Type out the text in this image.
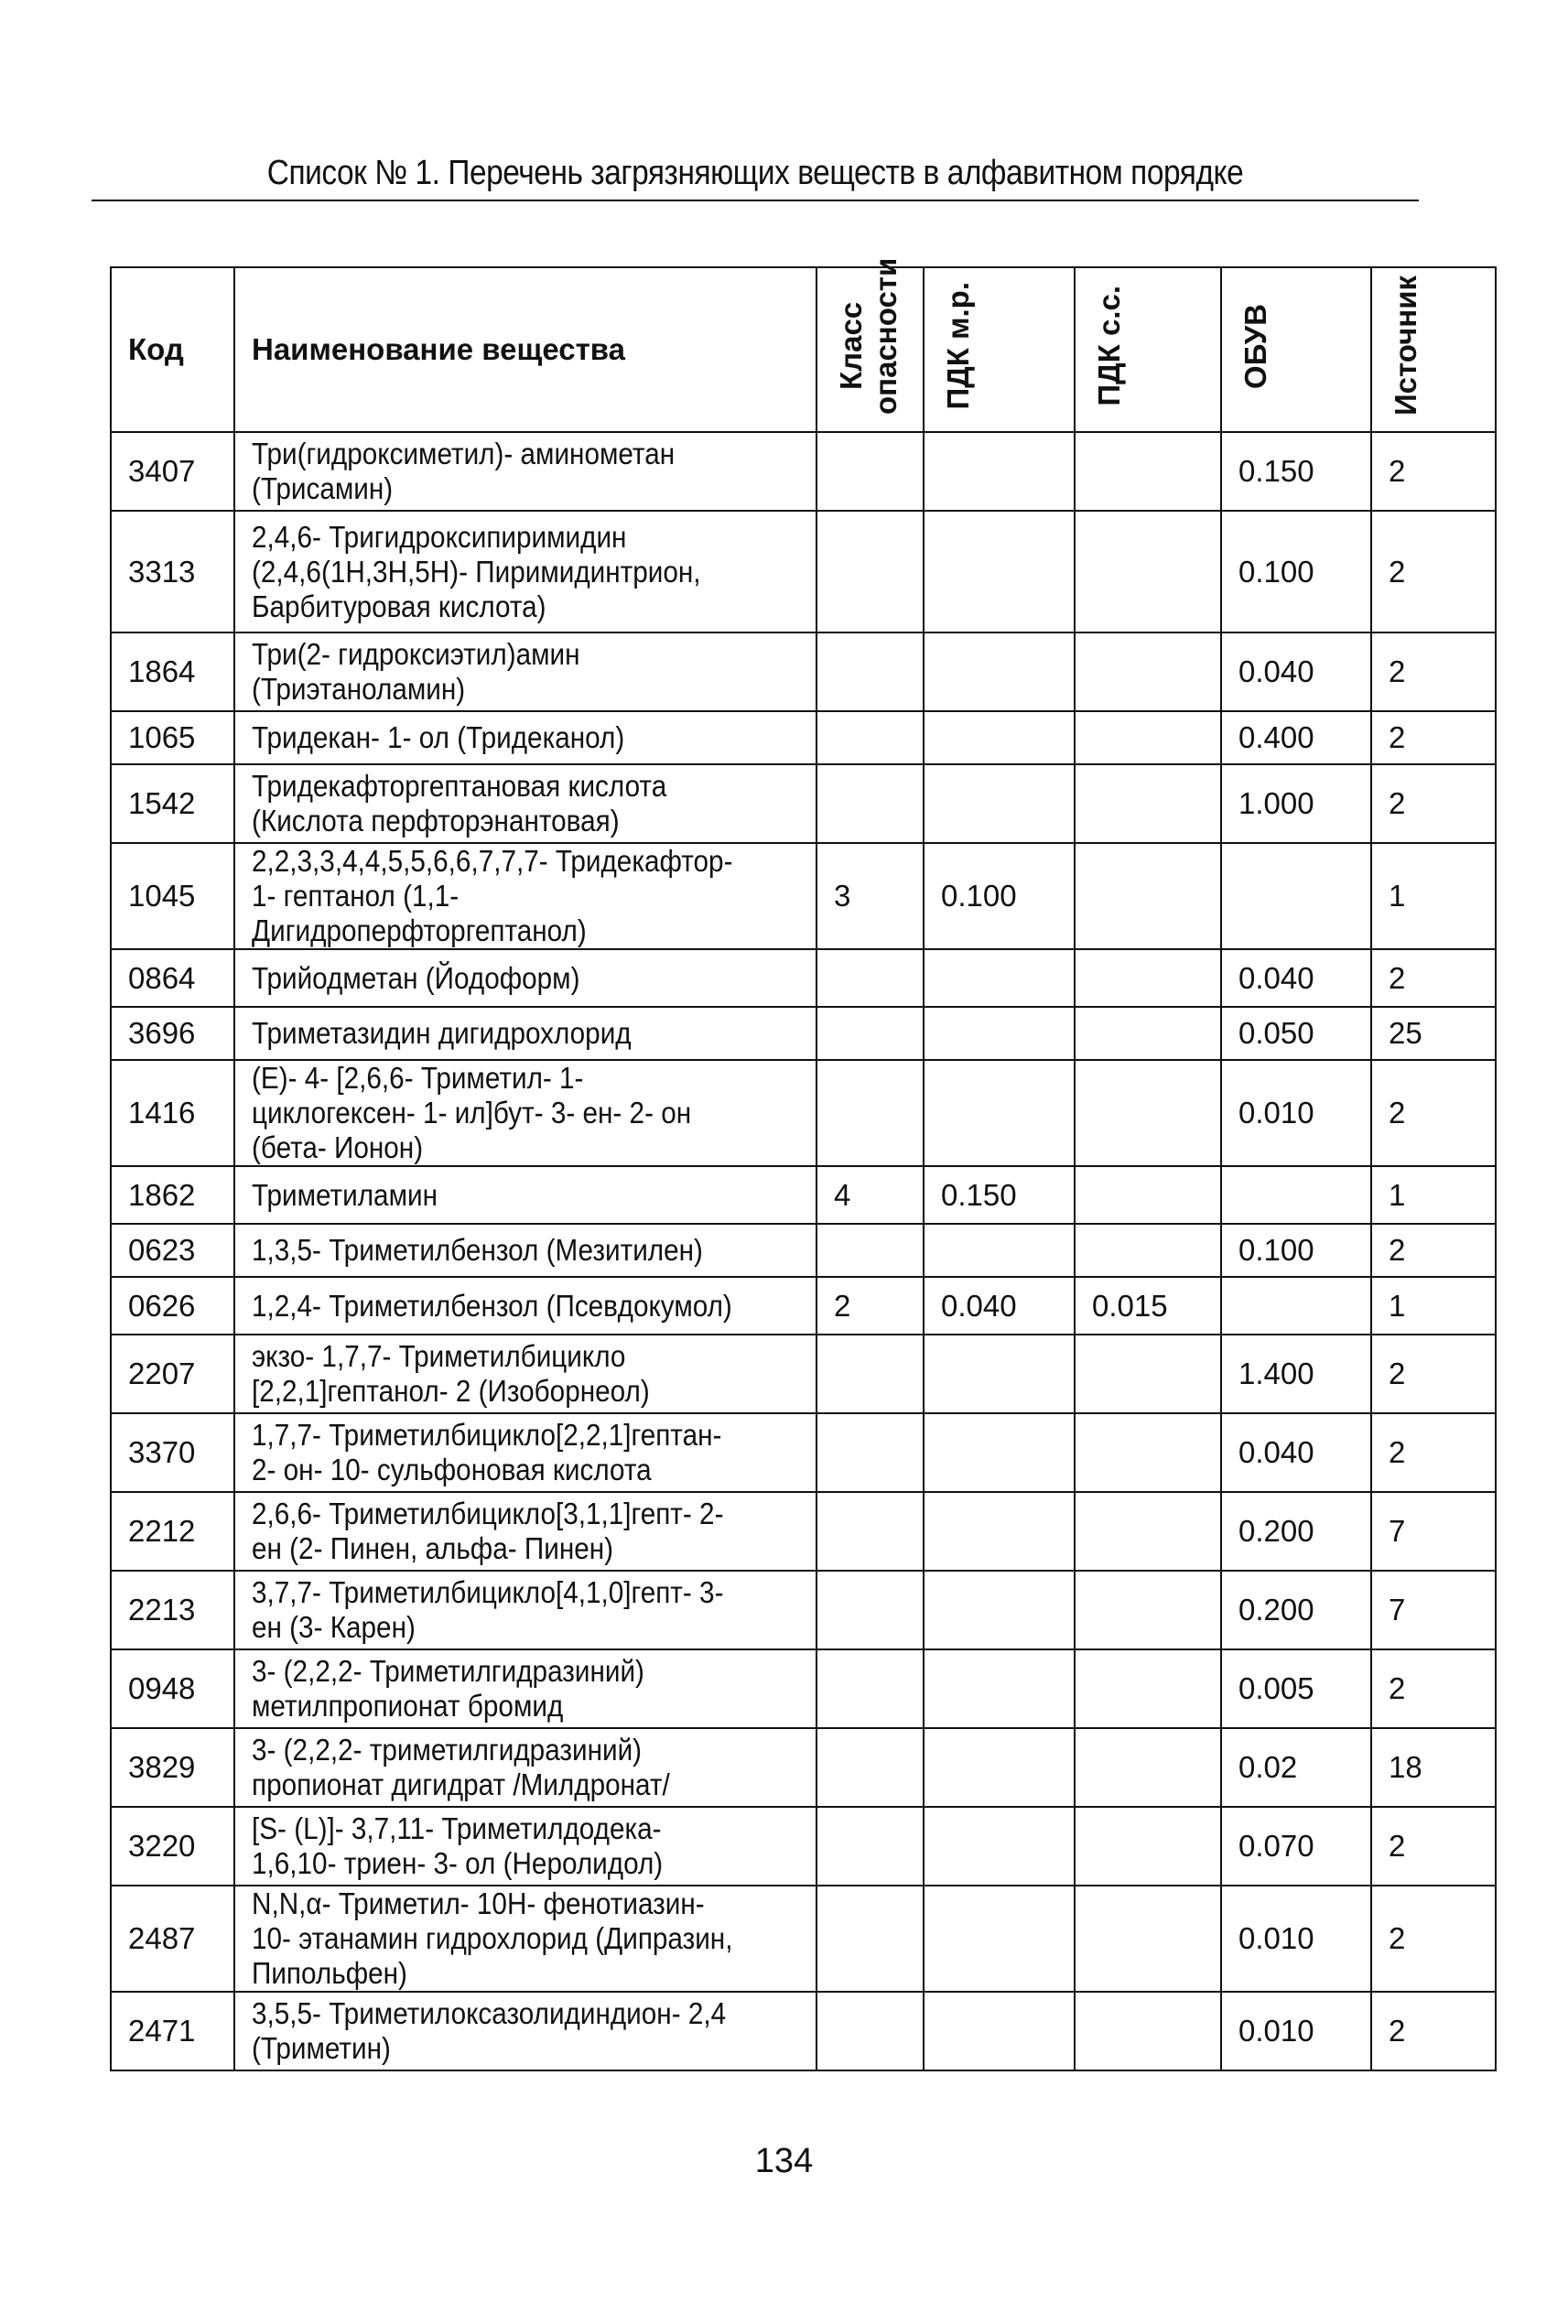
Список № 1. Перечень загрязняющих веществ в алфавитном порядке
Код	Наименование вещества	Класс опасности	ПДК м.р.	ПДК с.с.	ОБУВ	Источник
3407	Три(гидроксиметил)- аминометан (Трисамин)				0.150	2
3313	2,4,6- Тригидроксипиримидин (2,4,6(1Н,3Н,5Н)- Пиримидинтрион, Барбитуровая кислота)				0.100	2
1864	Три(2- гидроксиэтил)амин (Триэтаноламин)				0.040	2
1065	Тридекан- 1- ол (Тридеканол)				0.400	2
1542	Тридекафторгептановая кислота (Кислота перфторэнантовая)				1.000	2
1045	2,2,3,3,4,4,5,5,6,6,7,7,7- Тридекафтор- 1- гептанол (1,1- Дигидроперфторгептанол)	3	0.100			1
0864	Трийодметан (Йодоформ)				0.040	2
3696	Триметазидин дигидрохлорид				0.050	25
1416	(Е)- 4- [2,6,6- Триметил- 1- циклогексен- 1- ил]бут- 3- ен- 2- он (бета- Ионон)				0.010	2
1862	Триметиламин	4	0.150			1
0623	1,3,5- Триметилбензол (Мезитилен)				0.100	2
0626	1,2,4- Триметилбензол (Псевдокумол)	2	0.040	0.015		1
2207	экзо- 1,7,7- Триметилбицикло [2,2,1]гептанол- 2 (Изоборнеол)				1.400	2
3370	1,7,7- Триметилбицикло[2,2,1]гептан- 2- он- 10- сульфоновая кислота				0.040	2
2212	2,6,6- Триметилбицикло[3,1,1]гепт- 2- ен (2- Пинен, альфа- Пинен)				0.200	7
2213	3,7,7- Триметилбицикло[4,1,0]гепт- 3- ен (3- Карен)				0.200	7
0948	3- (2,2,2- Триметилгидразиний) метилпропионат бромид				0.005	2
3829	3- (2,2,2- триметилгидразиний) пропионат дигидрат /Милдронат/				0.02	18
3220	[S- (L)]- 3,7,11- Триметилдодека- 1,6,10- триен- 3- ол (Неролидол)				0.070	2
2487	N,N,α- Триметил- 10Н- фенотиазин- 10- этанамин гидрохлорид (Дипразин, Пипольфен)				0.010	2
2471	3,5,5- Триметилоксазолидиндион- 2,4 (Триметин)				0.010	2
134
